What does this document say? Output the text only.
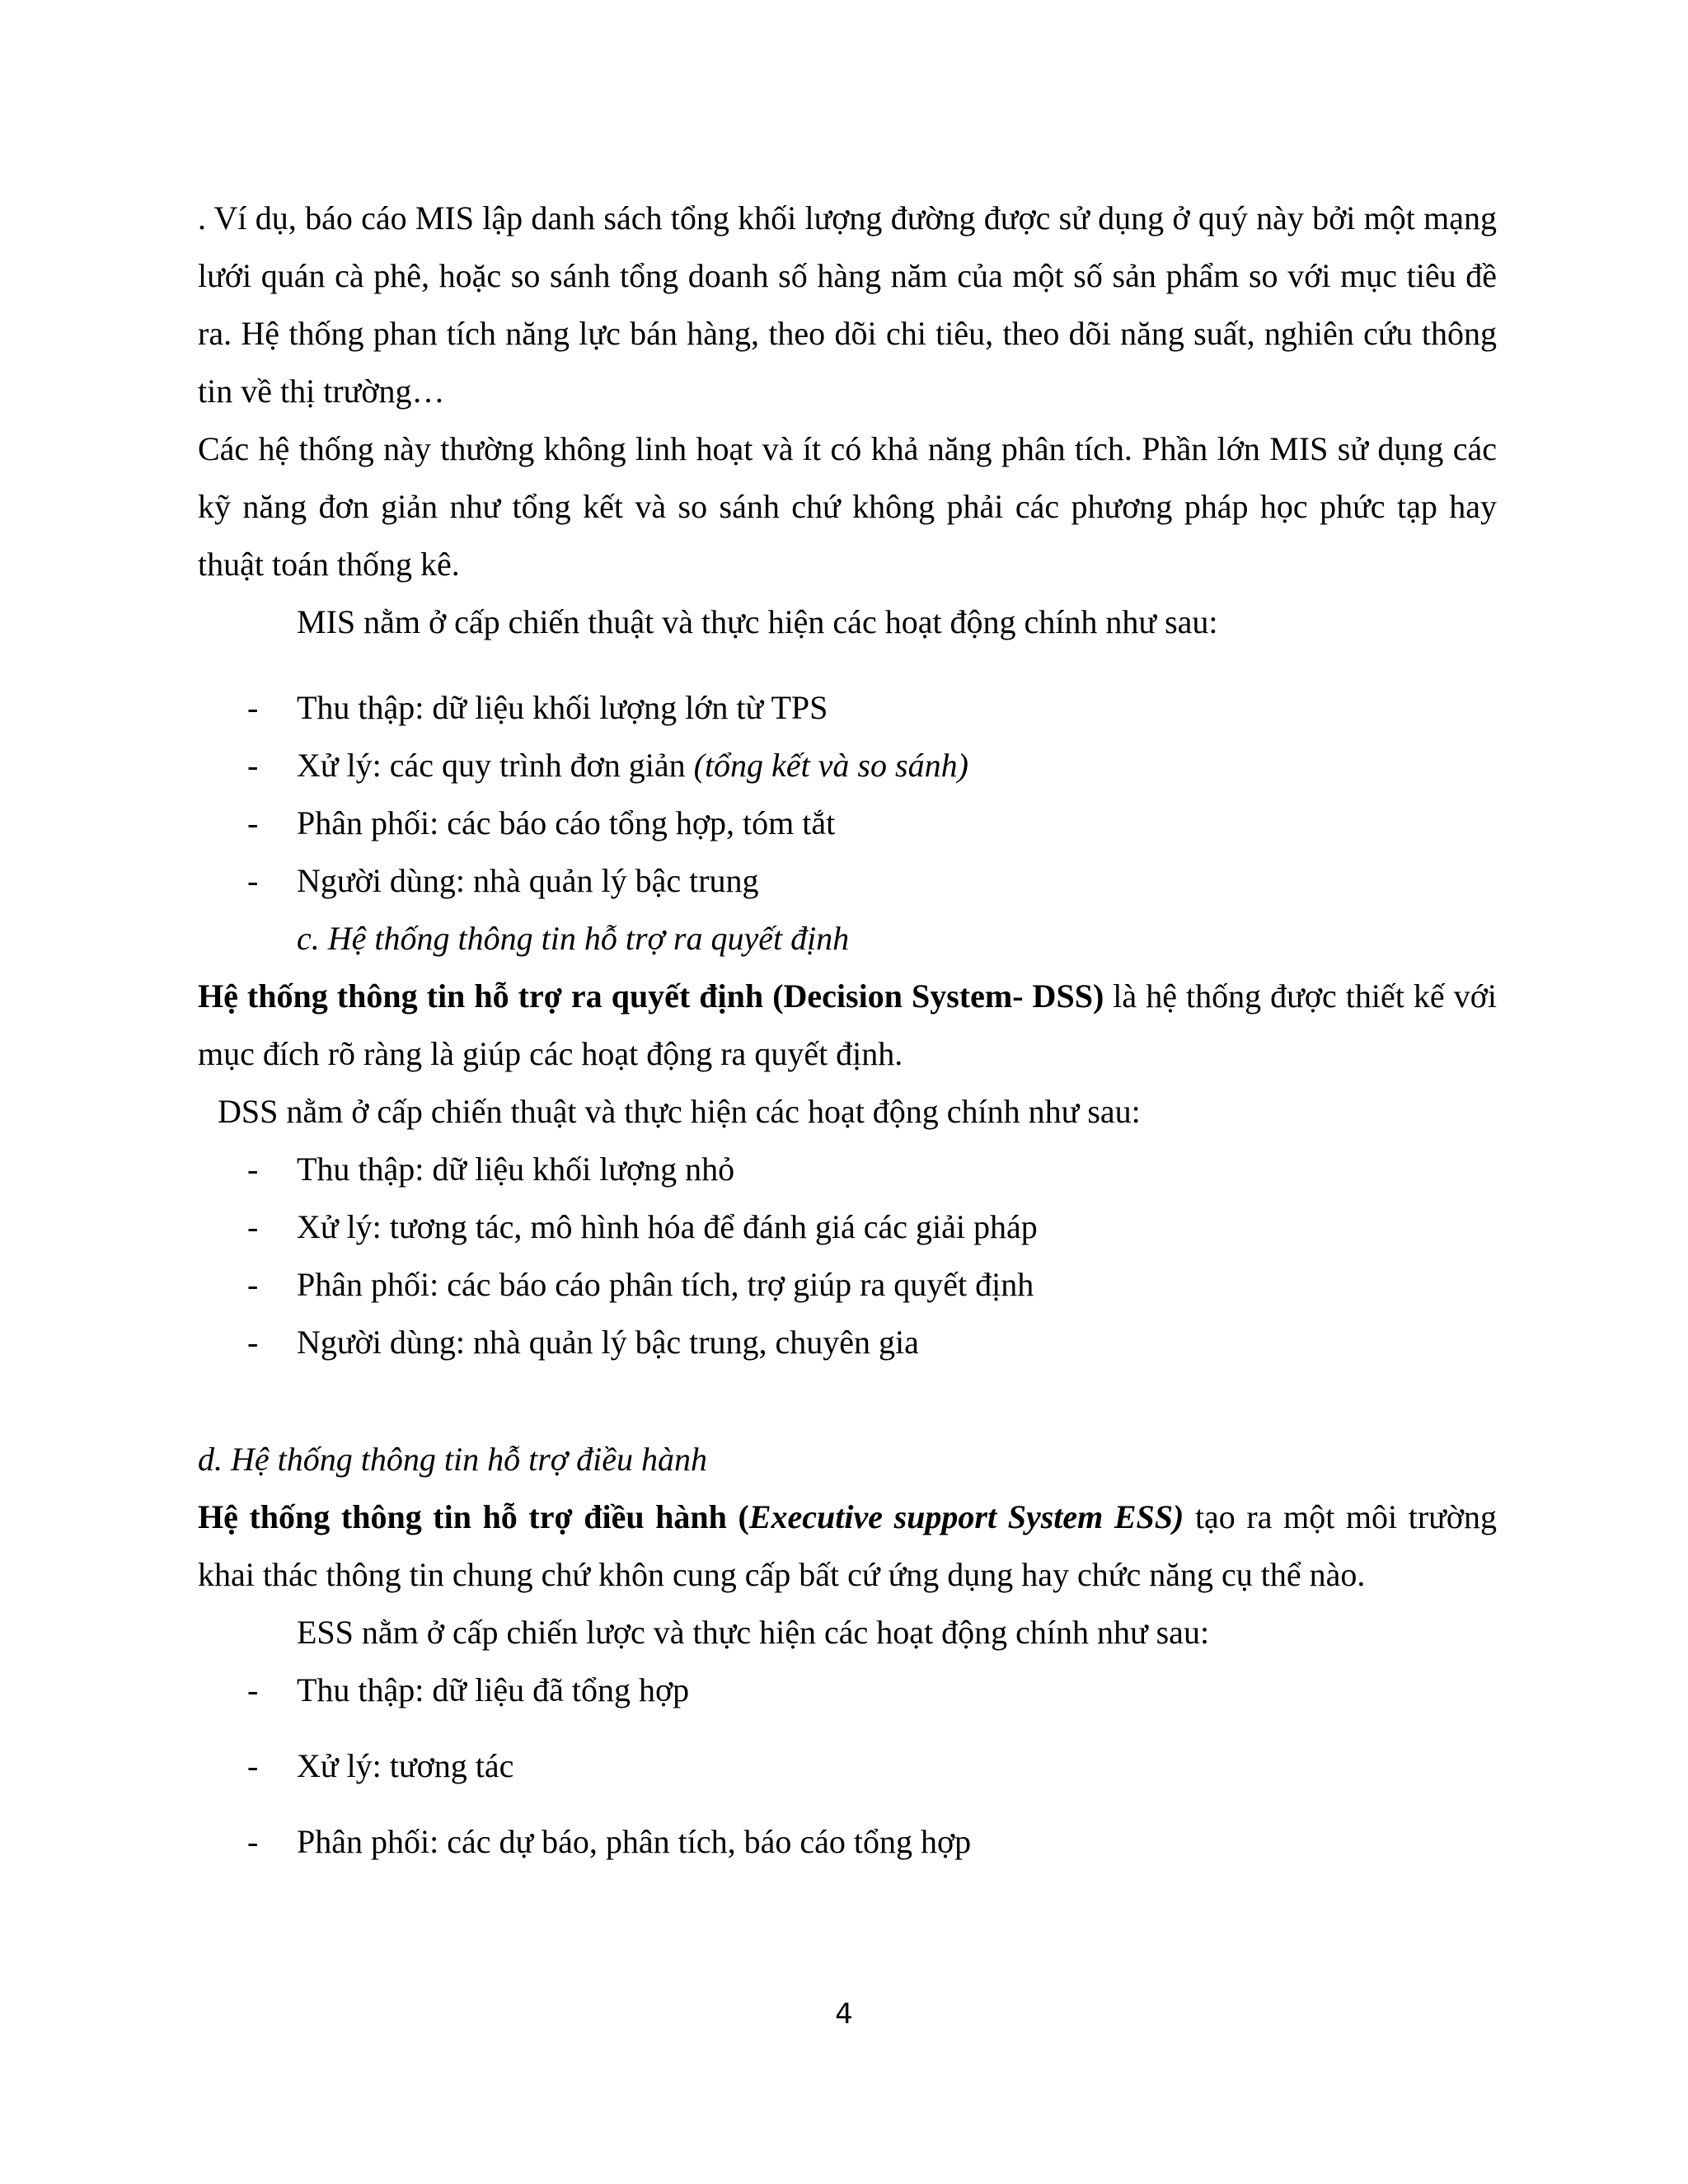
. Ví dụ, báo cáo MIS lập danh sách tổng khối lượng đường được sử dụng ở quý này bởi một mạng lưới quán cà phê, hoặc so sánh tổng doanh số hàng năm của một số sản phẩm so với mục tiêu đề ra. Hệ thống phan tích năng lực bán hàng, theo dõi chi tiêu, theo dõi năng suất, nghiên cứu thông tin về thị trường…

Các hệ thống này thường không linh hoạt và ít có khả năng phân tích. Phần lớn MIS sử dụng các kỹ năng đơn giản như tổng kết và so sánh chứ không phải các phương pháp học phức tạp hay thuật toán thống kê.

MIS nằm ở cấp chiến thuật và thực hiện các hoạt động chính như sau:

- Thu thập: dữ liệu khối lượng lớn từ TPS

- Xử lý: các quy trình đơn giản (tổng kết và so sánh)

- Phân phối: các báo cáo tổng hợp, tóm tắt

- Người dùng: nhà quản lý bậc trung

c. Hệ thống thông tin hỗ trợ ra quyết định

Hệ thống thông tin hỗ trợ ra quyết định (Decision System- DSS) là hệ thống được thiết kế với mục đích rõ ràng là giúp các hoạt động ra quyết định.

DSS nằm ở cấp chiến thuật và thực hiện các hoạt động chính như sau:

- Thu thập: dữ liệu khối lượng nhỏ

- Xử lý: tương tác, mô hình hóa để đánh giá các giải pháp

- Phân phối: các báo cáo phân tích, trợ giúp ra quyết định

- Người dùng: nhà quản lý bậc trung, chuyên gia

d. Hệ thống thông tin hỗ trợ điều hành

Hệ thống thông tin hỗ trợ điều hành (Executive support System ESS) tạo ra một môi trường khai thác thông tin chung chứ khôn cung cấp bất cứ ứng dụng hay chức năng cụ thể nào.

ESS nằm ở cấp chiến lược và thực hiện các hoạt động chính như sau:

- Thu thập: dữ liệu đã tổng hợp

- Xử lý: tương tác

- Phân phối: các dự báo, phân tích, báo cáo tổng hợp

4
